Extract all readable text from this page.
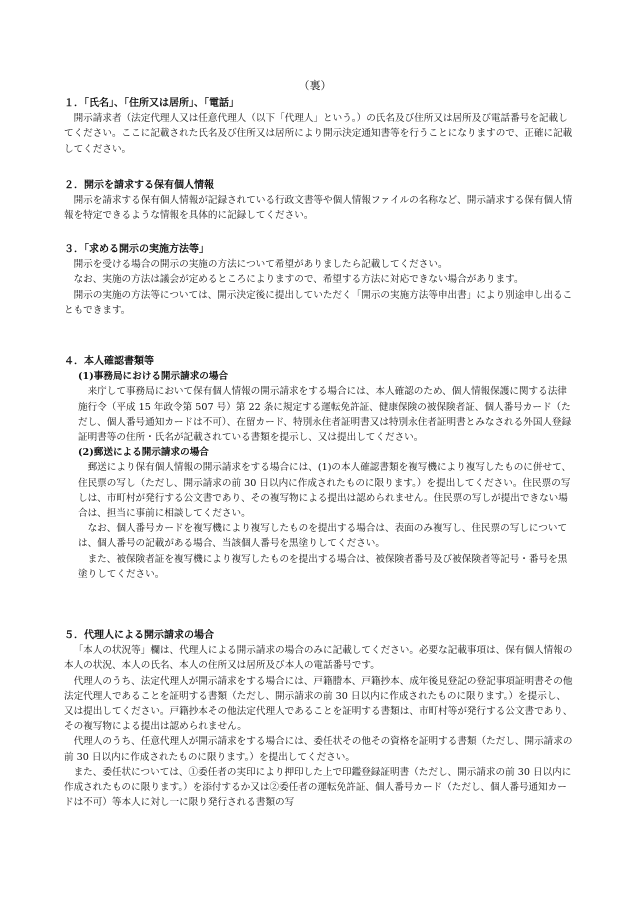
（裏）

１．「氏名」、「住所又は居所」、「電話」

開示請求者（法定代理人又は任意代理人（以下「代理人」という。）の氏名及び住所又は居所及び電話番号を記載してください。ここに記載された氏名及び住所又は居所により開示決定通知書等を行うことになりますので、正確に記載してください。

２．開示を請求する保有個人情報

開示を請求する保有個人情報が記録されている行政文書等や個人情報ファイルの名称など、開示請求する保有個人情報を特定できるような情報を具体的に記録してください。

３．「求める開示の実施方法等」

開示を受ける場合の開示の実施の方法について希望がありましたら記載してください。

なお、実施の方法は議会が定めるところによりますので、希望する方法に対応できない場合があります。

開示の実施の方法等については、開示決定後に提出していただく「開示の実施方法等申出書」により別途申し出ることもできます。

４．本人確認書類等

(1)事務局における開示請求の場合

来庁して事務局において保有個人情報の開示請求をする場合には、本人確認のため、個人情報保護に関する法律施行令（平成 15 年政令第 507 号）第 22 条に規定する運転免許証、健康保険の被保険者証、個人番号カード（ただし、個人番号通知カードは不可）、在留カード、特別永住者証明書又は特別永住者証明書とみなされる外国人登録証明書等の住所・氏名が記載されている書類を提示し、又は提出してください。

(2)郵送による開示請求の場合

郵送により保有個人情報の開示請求をする場合には、(1)の本人確認書類を複写機により複写したものに併せて、住民票の写し（ただし、開示請求の前 30 日以内に作成されたものに限ります。）を提出してください。住民票の写しは、市町村が発行する公文書であり、その複写物による提出は認められません。住民票の写しが提出できない場合は、担当に事前に相談してください。

なお、個人番号カードを複写機により複写したものを提出する場合は、表面のみ複写し、住民票の写しについては、個人番号の記載がある場合、当該個人番号を黒塗りしてください。

また、被保険者証を複写機により複写したものを提出する場合は、被保険者番号及び被保険者等記号・番号を黒塗りしてください。

５．代理人による開示請求の場合

「本人の状況等」欄は、代理人による開示請求の場合のみに記載してください。必要な記載事項は、保有個人情報の本人の状況、本人の氏名、本人の住所又は居所及び本人の電話番号です。

代理人のうち、法定代理人が開示請求をする場合には、戸籍謄本、戸籍抄本、成年後見登記の登記事項証明書その他法定代理人であることを証明する書類（ただし、開示請求の前 30 日以内に作成されたものに限ります。）を提示し、又は提出してください。戸籍抄本その他法定代理人であることを証明する書類は、市町村等が発行する公文書であり、その複写物による提出は認められません。

代理人のうち、任意代理人が開示請求をする場合には、委任状その他その資格を証明する書類（ただし、開示請求の前 30 日以内に作成されたものに限ります。）を提出してください。

また、委任状については、①委任者の実印により押印した上で印鑑登録証明書（ただし、開示請求の前 30 日以内に作成されたものに限ります。）を添付するか又は②委任者の運転免許証、個人番号カード（ただし、個人番号通知カードは不可）等本人に対し一に限り発行される書類の写
